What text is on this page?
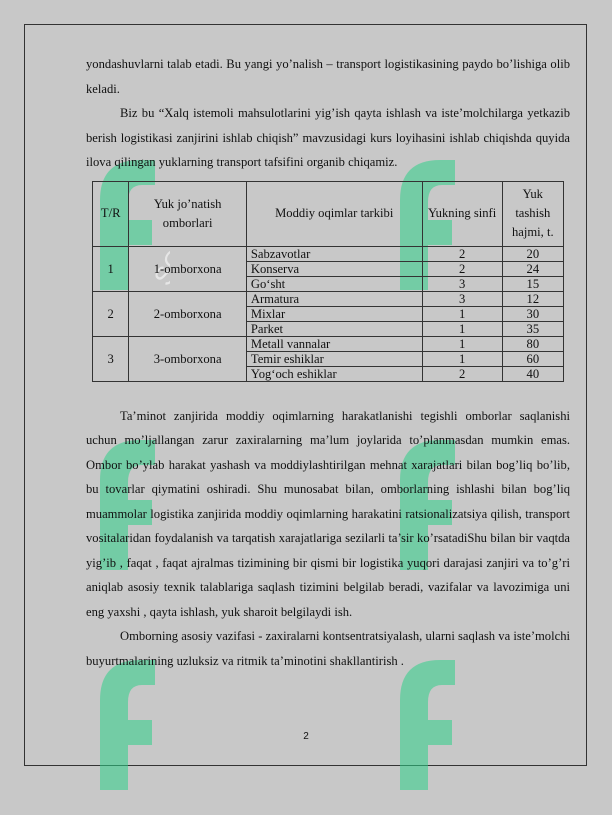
SOFF

yondashuvlarni talab etadi. Bu yangi yo’nalish – transport logistikasining paydo bo’lishiga olib keladi.

Biz bu “Xalq istemoli mahsulotlarini yig’ish qayta ishlash va iste’molchilarga yetkazib berish logistikasi zanjirini ishlab chiqish” mavzusidagi kurs loyihasini ishlab chiqishda quyida ilova qilingan yuklarning transport tafsifini organib chiqamiz.

T/R	Yuk jo’natish omborlari	Moddiy oqimlar tarkibi	Yukning sinfi	Yuk tashish hajmi, t.
1	1-omborxona	Sabzavotlar	2	20
		Konserva	2	24
		Go‘sht	3	15
2	2-omborxona	Armatura	3	12
		Mixlar	1	30
		Parket	1	35
3	3-omborxona	Metall vannalar	1	80
		Temir eshiklar	1	60
		Yog‘och eshiklar	2	40

Ta’minot zanjirida moddiy oqimlarning harakatlanishi tegishli omborlar saqlanishi uchun mo’ljallangan zarur zaxiralarning ma’lum joylarida to’planmasdan mumkin emas. Ombor bo’ylab harakat yashash va moddiylashtirilgan mehnat xarajatlari bilan bog’liq bo’lib, bu tovarlar qiymatini oshiradi. Shu munosabat bilan, omborlarning ishlashi bilan bog’liq muammolar logistika zanjirida moddiy oqimlarning harakatini ratsionalizatsiya qilish, transport vositalaridan foydalanish va tarqatish xarajatlariga sezilarli ta’sir ko’rsatadiShu bilan bir vaqtda yig’ib , faqat , faqat ajralmas tizimining bir qismi bir logistika yuqori darajasi zanjiri va to’g’ri aniqlab asosiy texnik talablariga saqlash tizimini belgilab beradi, vazifalar va lavozimiga uni eng yaxshi , qayta ishlash, yuk sharoit belgilaydi ish.

Omborning asosiy vazifasi - zaxiralarni kontsentratsiyalash, ularni saqlash va iste’molchi buyurtmalarining uzluksiz va ritmik ta’minotini shakllantirish .

2
